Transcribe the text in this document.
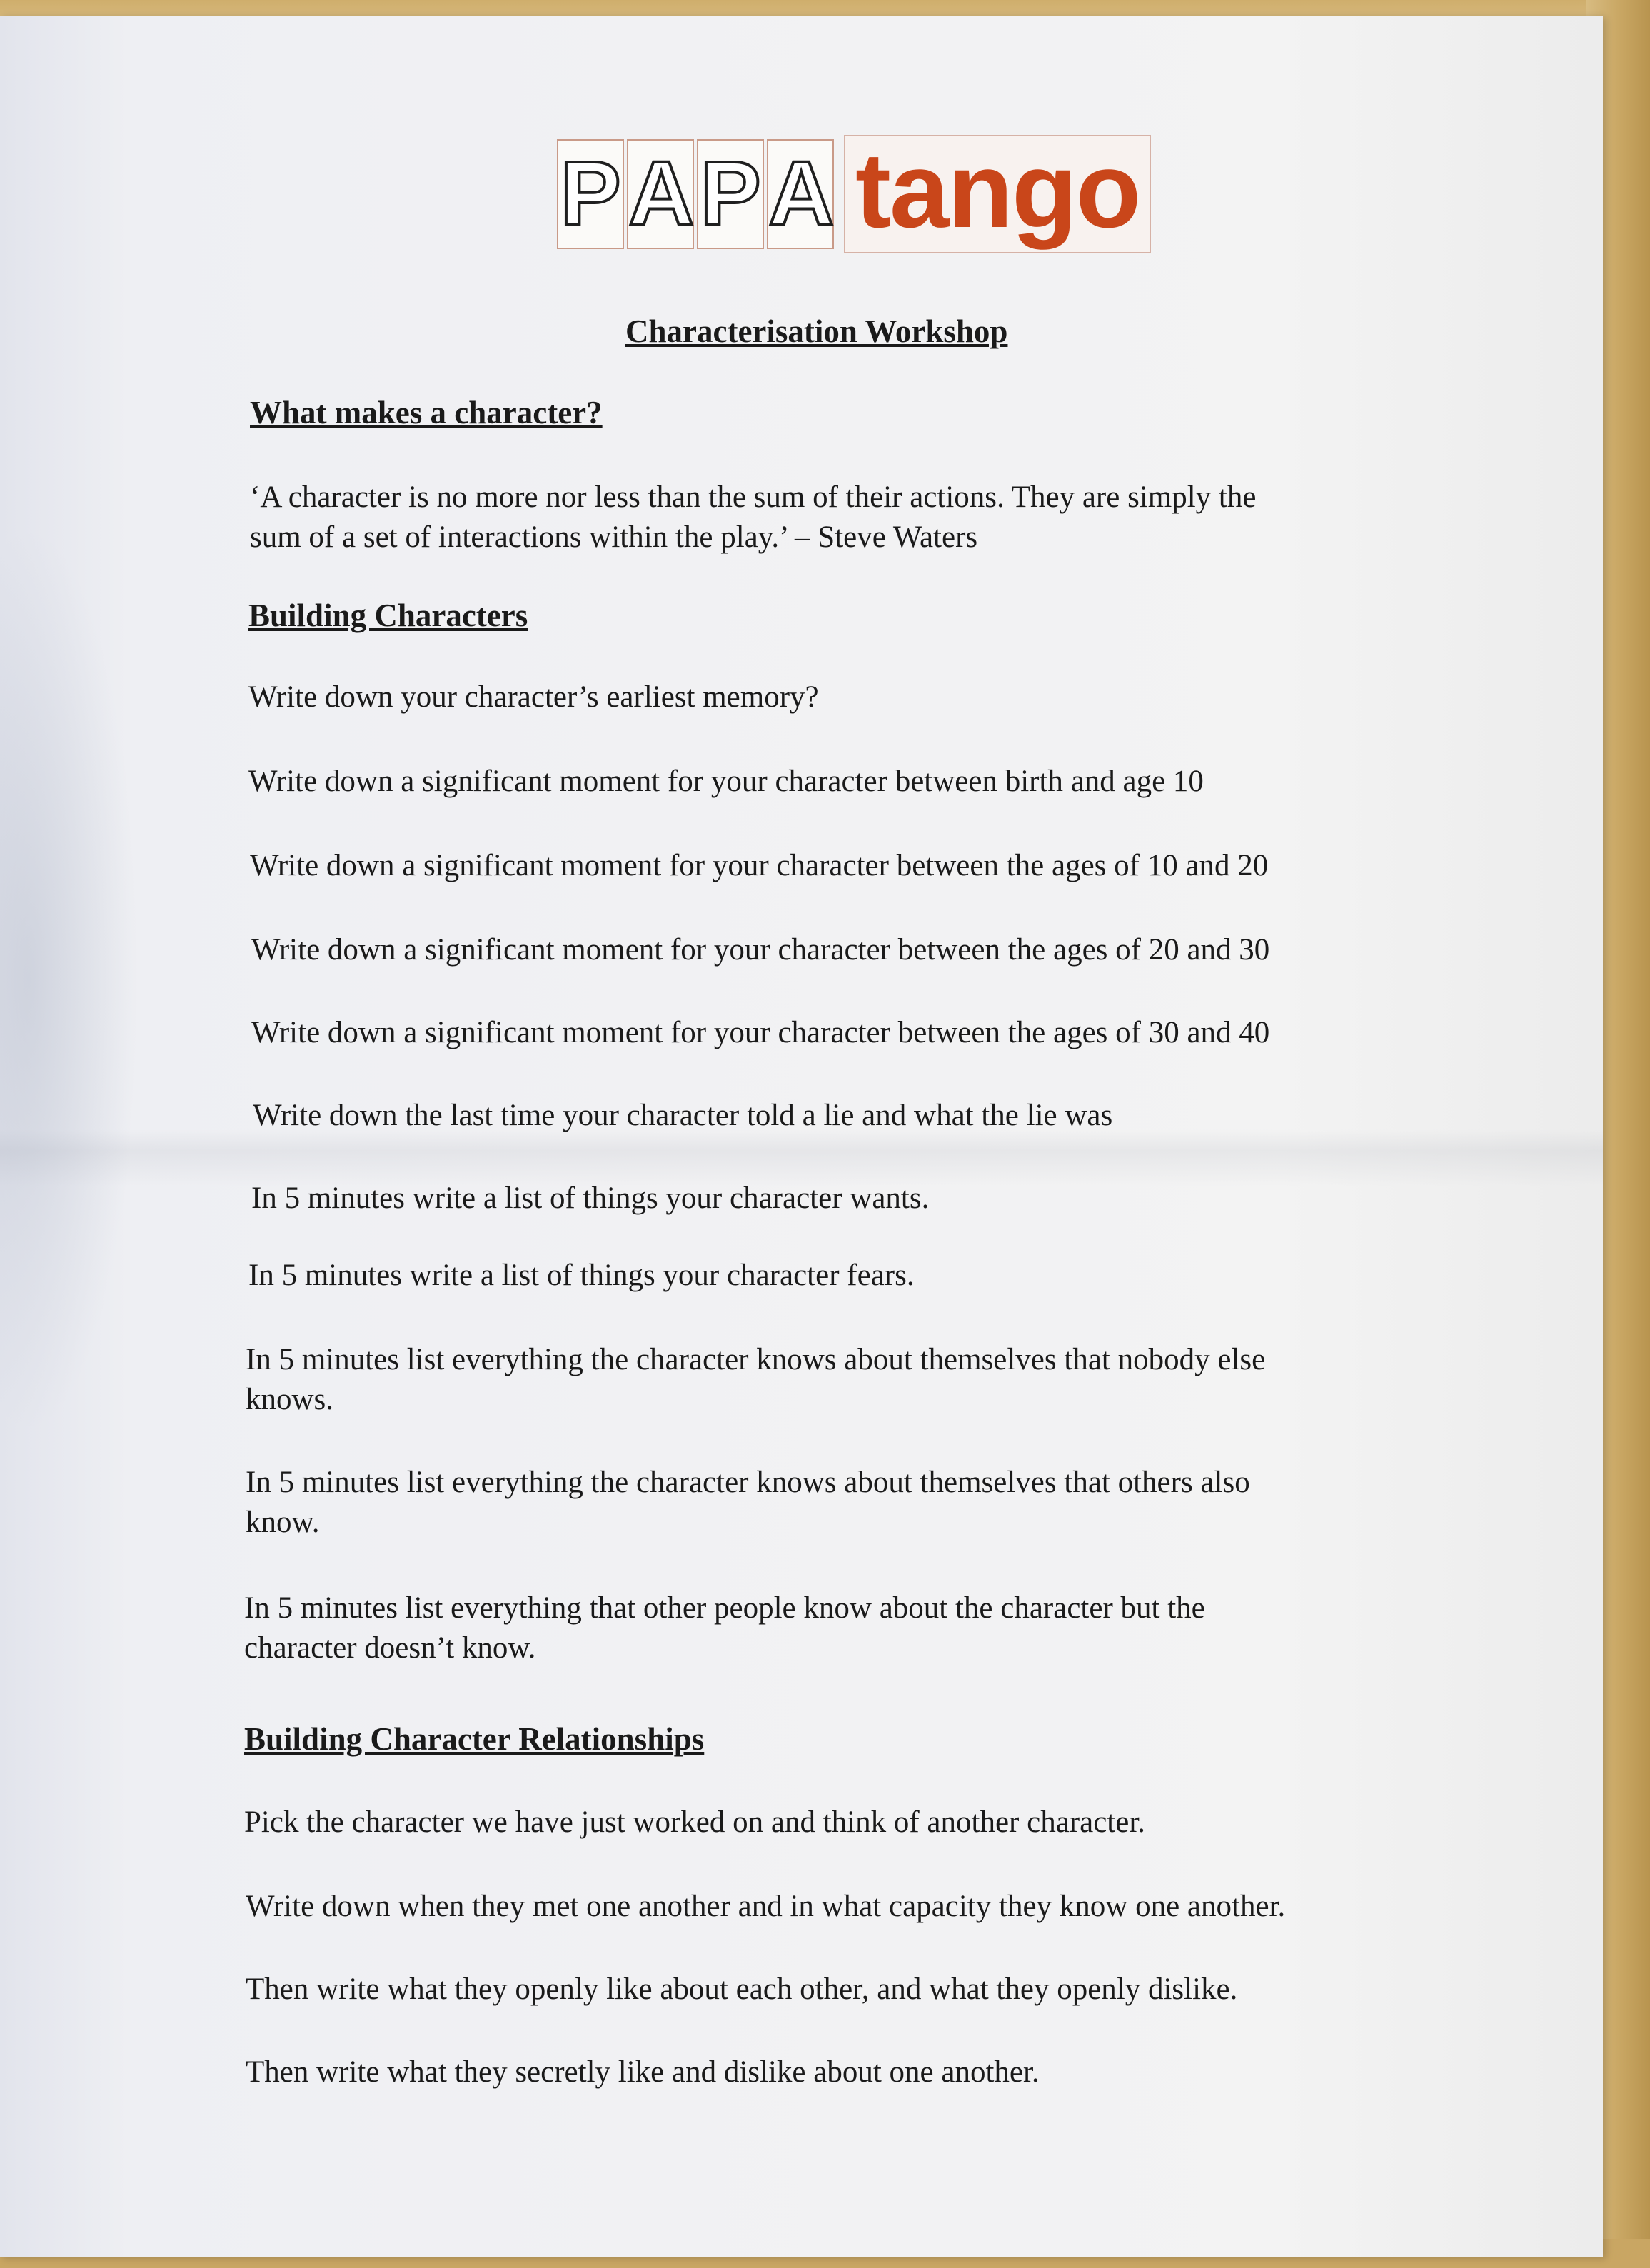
P A P A tango
Characterisation Workshop
What makes a character?
‘A character is no more nor less than the sum of their actions. They are simply the
sum of a set of interactions within the play.’ – Steve Waters
Building Characters
Write down your character’s earliest memory?
Write down a significant moment for your character between birth and age 10
Write down a significant moment for your character between the ages of 10 and 20
Write down a significant moment for your character between the ages of 20 and 30
Write down a significant moment for your character between the ages of 30 and 40
Write down the last time your character told a lie and what the lie was
In 5 minutes write a list of things your character wants.
In 5 minutes write a list of things your character fears.
In 5 minutes list everything the character knows about themselves that nobody else
knows.
In 5 minutes list everything the character knows about themselves that others also
know.
In 5 minutes list everything that other people know about the character but the
character doesn’t know.
Building Character Relationships
Pick the character we have just worked on and think of another character.
Write down when they met one another and in what capacity they know one another.
Then write what they openly like about each other, and what they openly dislike.
Then write what they secretly like and dislike about one another.
